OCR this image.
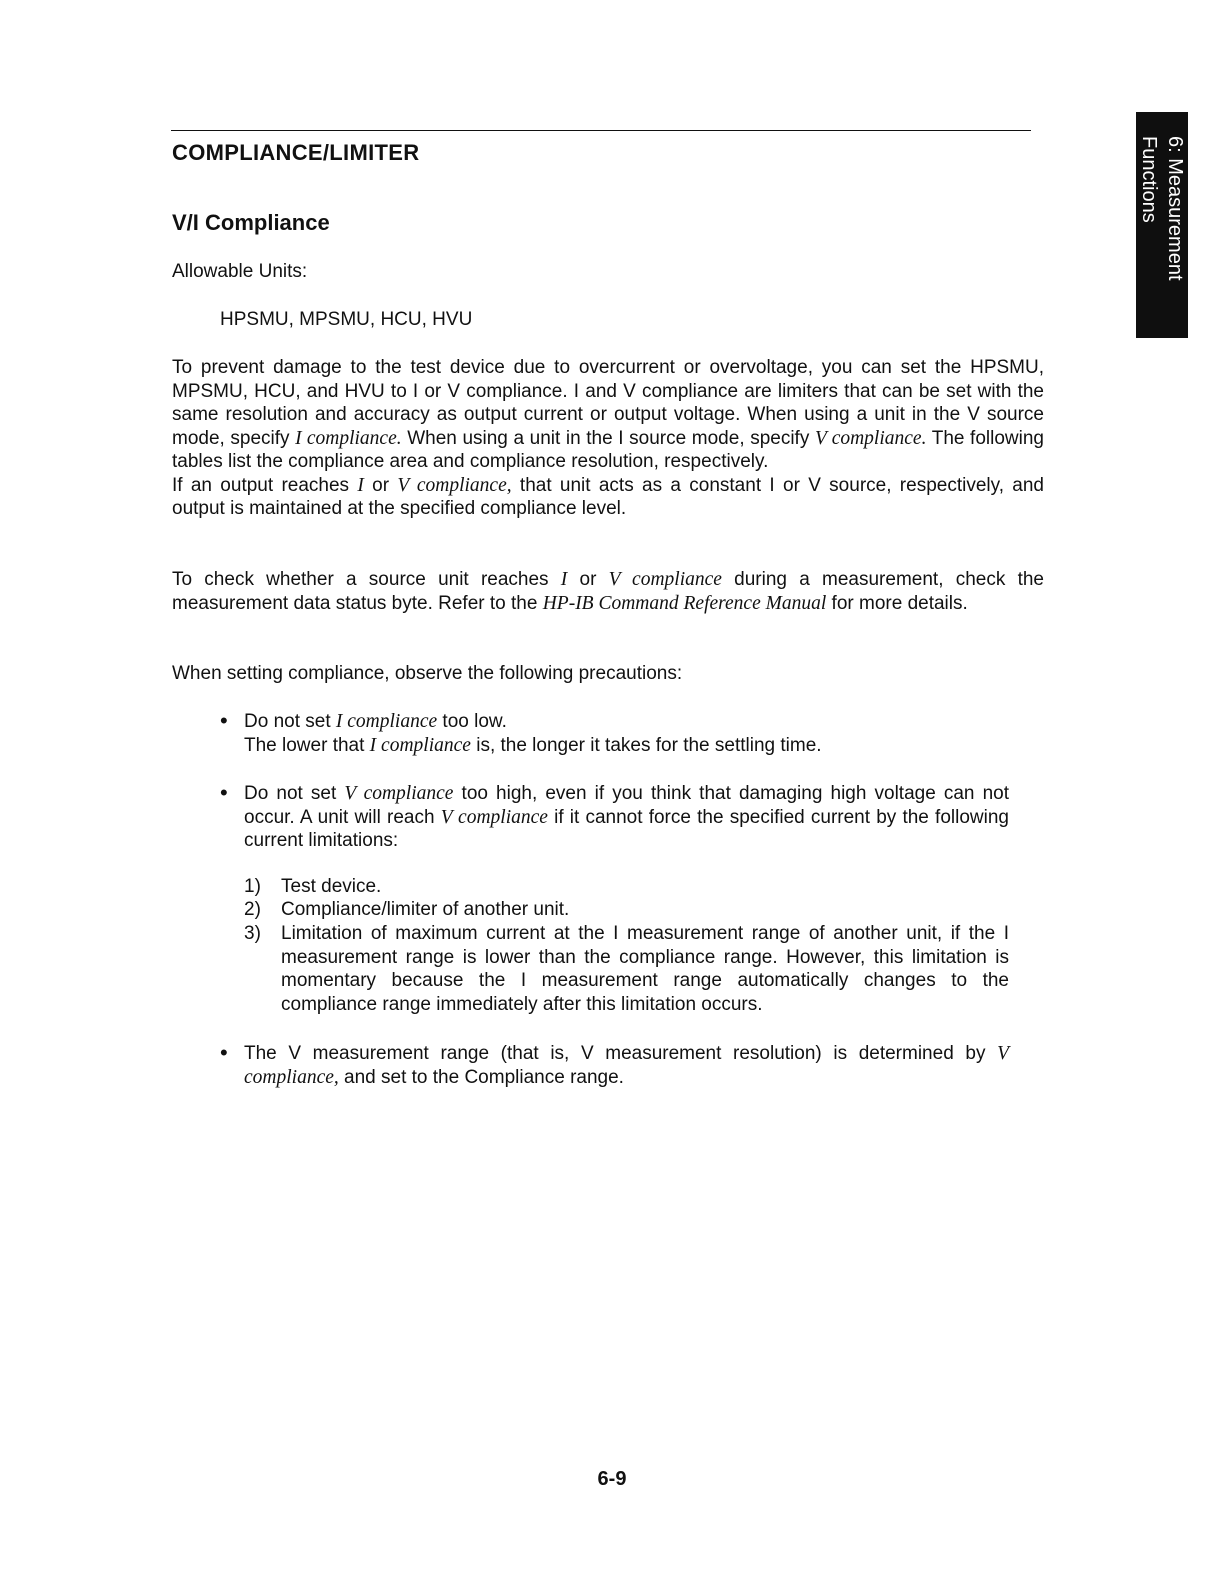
COMPLIANCE/LIMITER	6: Measurement
Functions
V/I Compliance

Allowable Units:

HPSMU, MPSMU, HCU, HVU

To prevent damage to the test device due to overcurrent or overvoltage, you can set the HPSMU, MPSMU, HCU, and HVU to I or V compliance. I and V compliance are limiters that can be set with the same resolution and accuracy as output current or output voltage. When using a unit in the V source mode, specify I compliance. When using a unit in the I source mode, specify V compliance. The following tables list the compliance area and compliance resolution, respectively.
If an output reaches I or V compliance, that unit acts as a constant I or V source, respectively, and output is maintained at the specified compliance level.

To check whether a source unit reaches I or V compliance during a measurement, check the measurement data status byte. Refer to the HP-IB Command Reference Manual for more details.

When setting compliance, observe the following precautions:

• Do not set I compliance too low.
The lower that I compliance is, the longer it takes for the settling time.

• Do not set V compliance too high, even if you think that damaging high voltage can not occur. A unit will reach V compliance if it cannot force the specified current by the following current limitations:

1) Test device.

2) Compliance/limiter of another unit.

3) Limitation of maximum current at the I measurement range of another unit, if the I measurement range is lower than the compliance range. However, this limitation is momentary because the I measurement range automatically changes to the compliance range immediately after this limitation occurs.

• The V measurement range (that is, V measurement resolution) is determined by V compliance, and set to the Compliance range.

6-9
